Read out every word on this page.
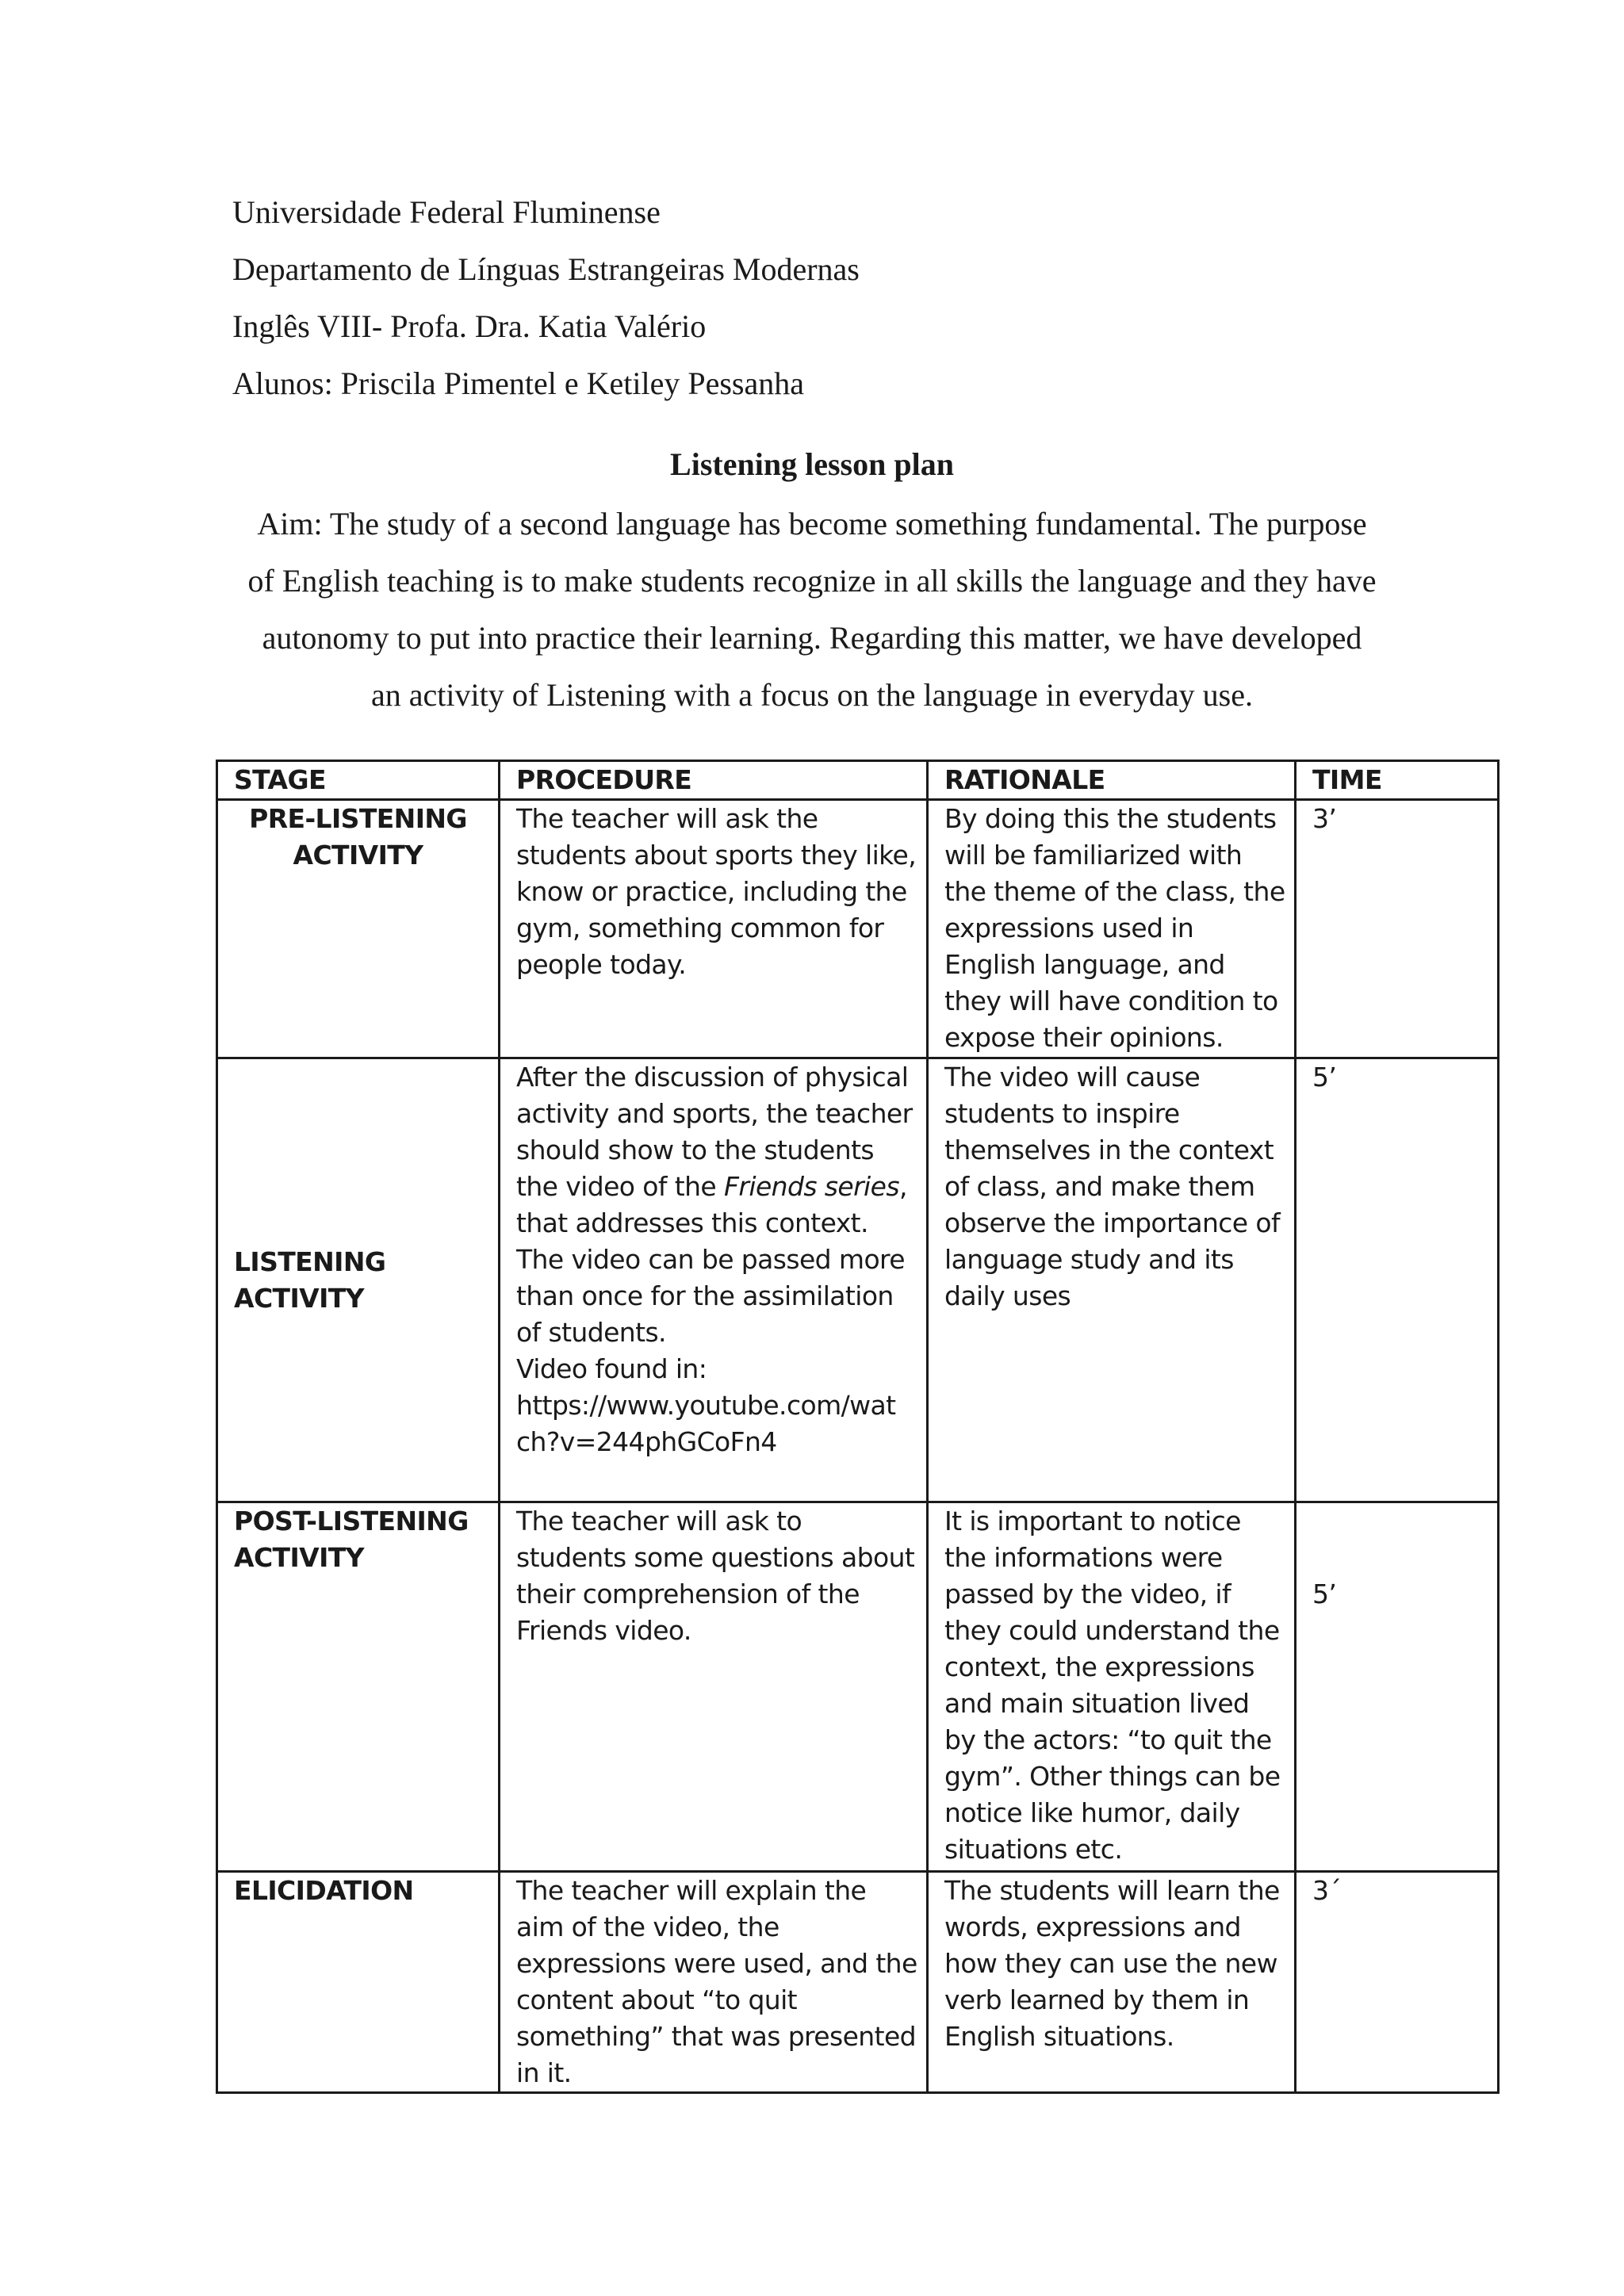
Universidade Federal Fluminense
Departamento de Línguas Estrangeiras Modernas
Inglês VIII- Profa. Dra. Katia Valério
Alunos: Priscila Pimentel e Ketiley Pessanha
Listening lesson plan
Aim: The study of a second language has become something fundamental. The purpose
of English teaching is to make students recognize in all skills the language and they have
autonomy to put into practice their learning. Regarding this matter, we have developed
an activity of Listening with a focus on the language in everyday use.
STAGE	PROCEDURE	RATIONALE	TIME

PRE-LISTENING
ACTIVITY	The teacher will ask the students about sports they like, know or practice, including the gym, something common for people today.	By doing this the students will be familiarized with the theme of the class, the expressions used in English language, and they will have condition to expose their opinions.	3’
LISTENING ACTIVITY	After the discussion of physical activity and sports, the teacher should show to the students the video of the Friends series, that addresses this context. The video can be passed more than once for the assimilation of students.
Video found in:
https://www.youtube.com/wat
ch?v=244phGCoFn4	The video will cause students to inspire themselves in the context of class, and make them observe the importance of language study and its daily uses	5’

POST-LISTENING
ACTIVITY	The teacher will ask to students some questions about their comprehension of the Friends video.	It is important to notice the informations were passed by the video, if they could understand the context, the expressions and main situation lived by the actors: “to quit the gym”. Other things can be notice like humor, daily situations etc.	5’
ELICIDATION	The teacher will explain the aim of the video, the expressions were used, and the content about “to quit something” that was presented in it.	The students will learn the words, expressions and how they can use the new verb learned by them in English situations.	3´
